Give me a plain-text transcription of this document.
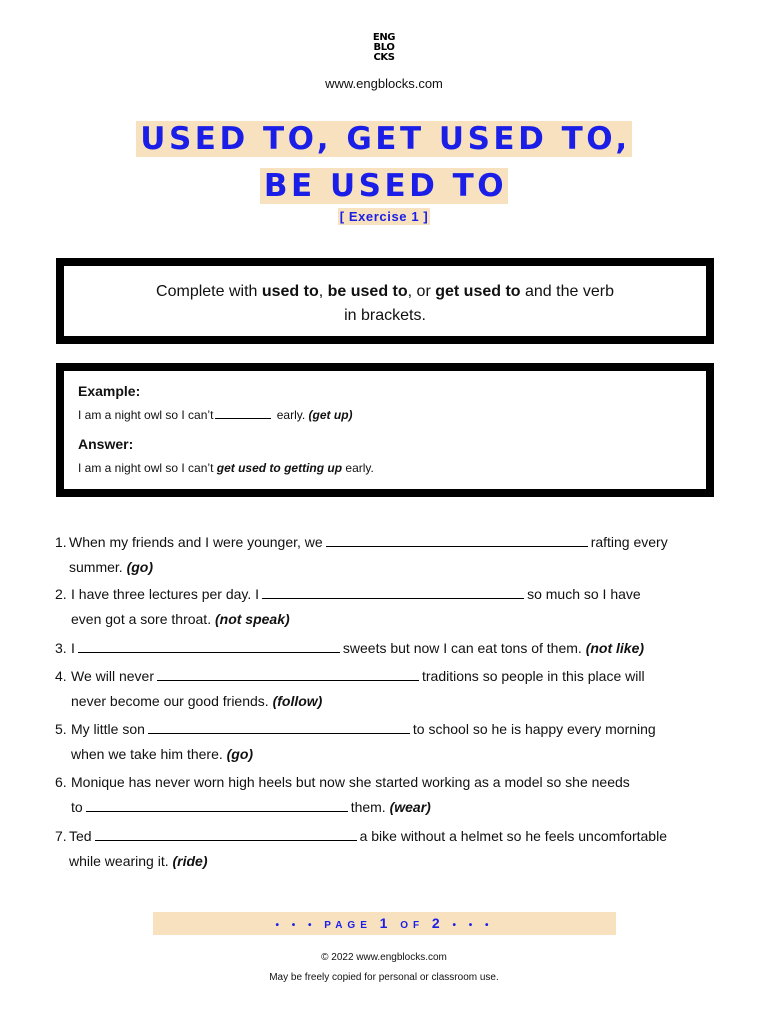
ENG
BLO
CKS
www.engblocks.com
USED TO, GET USED TO,
BE USED TO
[ Exercise 1 ]
Complete with used to, be used to, or get used to and the verb
in brackets.
Example:
I am a night owl so I can’t	early. (get up)
Answer:
I am a night owl so I can’t get used to getting up early.
1. When my friends and I were younger, we	rafting every
summer. (go)
2. I have three lectures per day. I	so much so I have
even got a sore throat. (not speak)
3. I	sweets but now I can eat tons of them. (not like)
4. We will never	traditions so people in this place will
never become our good friends. (follow)
5. My little son	to school so he is happy every morning
when we take him there. (go)
6. Monique has never worn high heels but now she started working as a model so she needs
to	them. (wear)
7. Ted	a bike without a helmet so he feels uncomfortable
while wearing it. (ride)
• • • PAGE 1 OF 2 • • •
© 2022 www.engblocks.com
May be freely copied for personal or classroom use.
